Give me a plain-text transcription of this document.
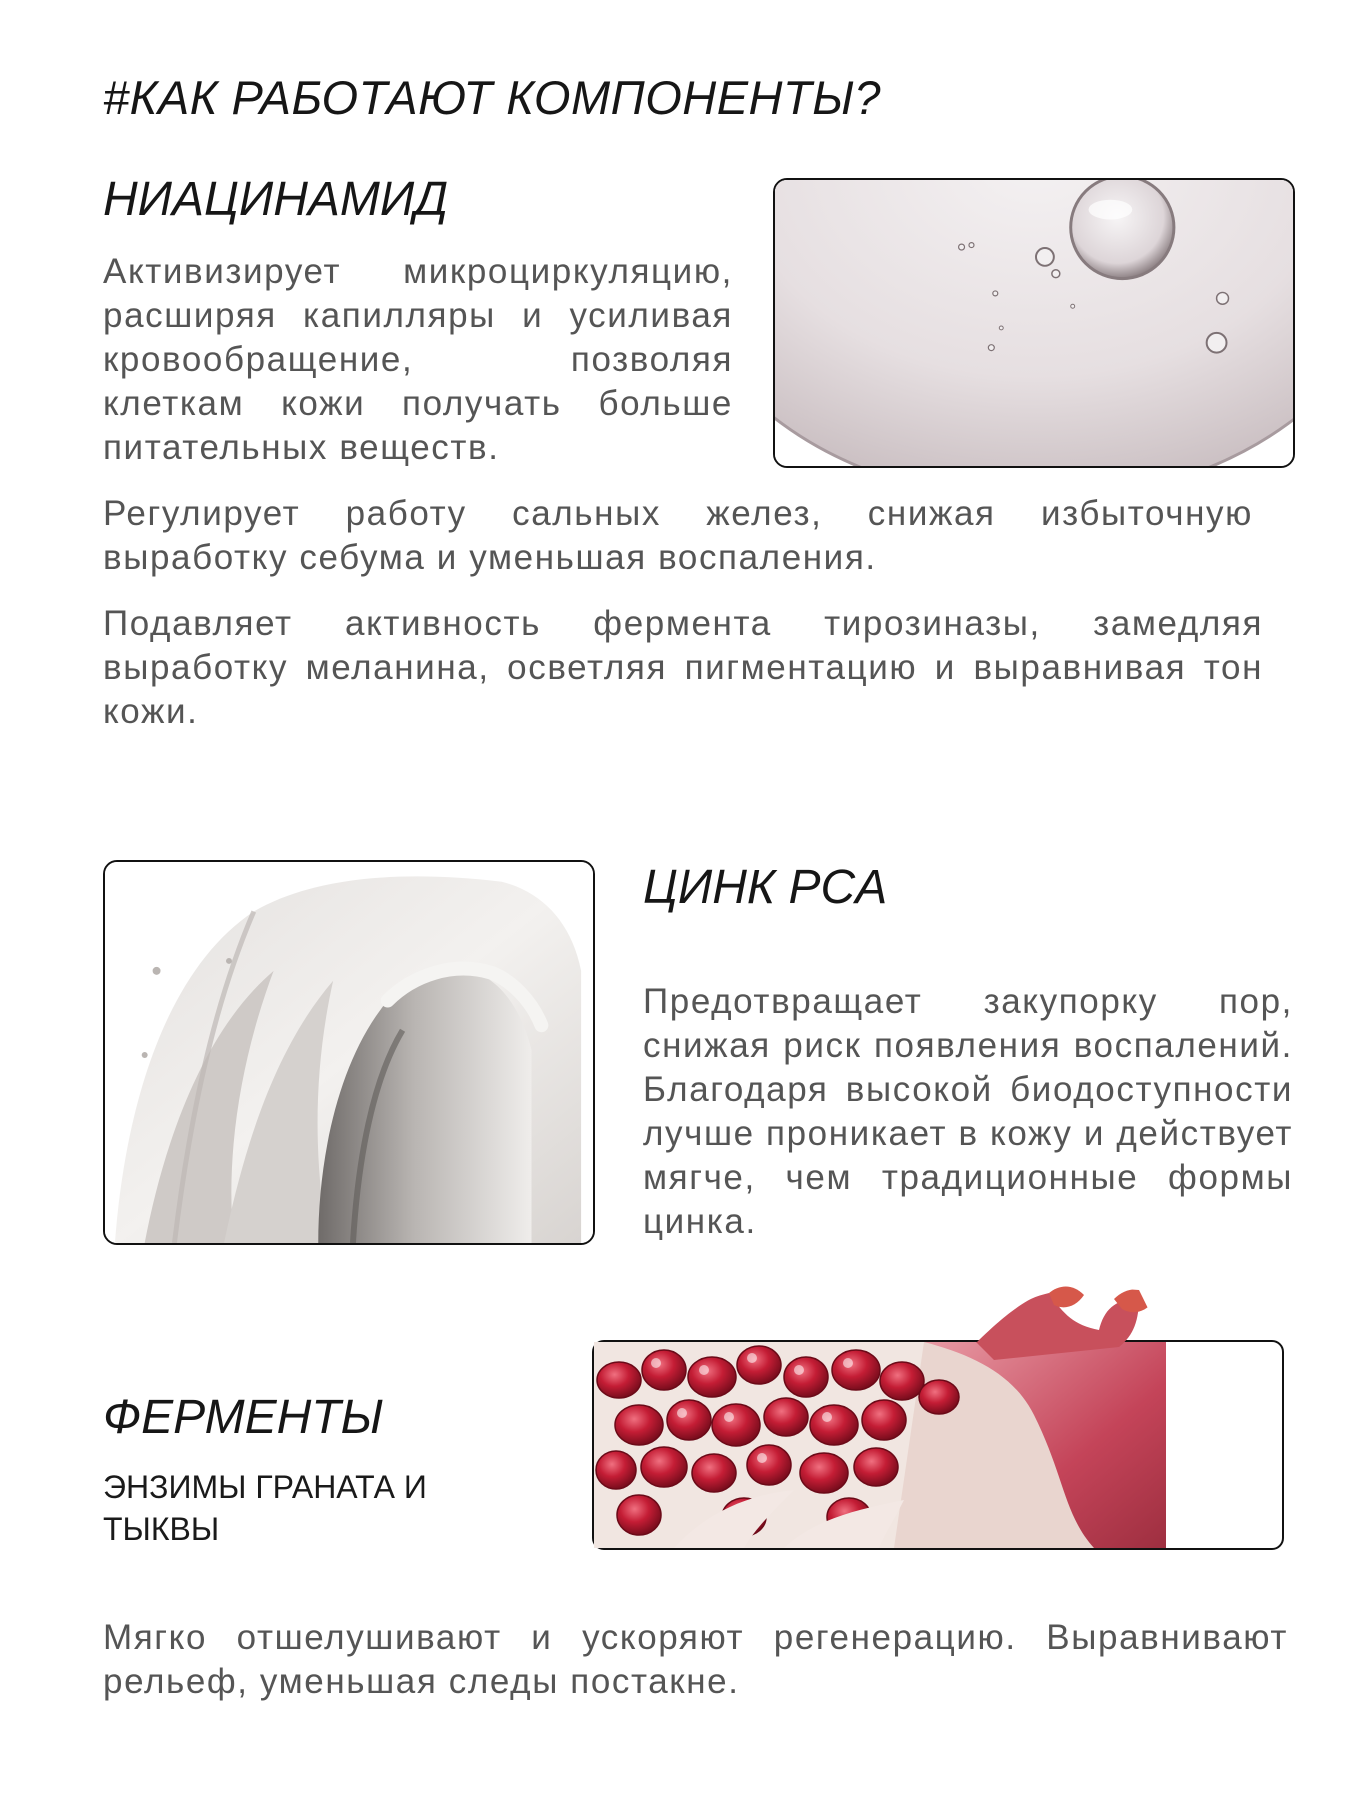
#КАК РАБОТАЮТ КОМПОНЕНТЫ?
НИАЦИНАМИД

Активизирует микроциркуляцию, расширяя капилляры и усиливая кровообращение, позволяя клеткам кожи получать больше питательных веществ.

Регулирует работу сальных желез, снижая избыточную выработку себума и уменьшая воспаления.

Подавляет активность фермента тирозиназы, замедляя выработку меланина, осветляя пигментацию и выравнивая тон кожи.

ЦИНК PCA

Предотвращает закупорку пор, снижая риск появления воспалений. Благодаря высокой биодоступности лучше проникает в кожу и действует мягче, чем традиционные формы цинка.

ФЕРМЕНТЫ

ЭНЗИМЫ ГРАНАТА И ТЫКВЫ

Мягко отшелушивают и ускоряют регенерацию. Выравнивают рельеф, уменьшая следы постакне.
